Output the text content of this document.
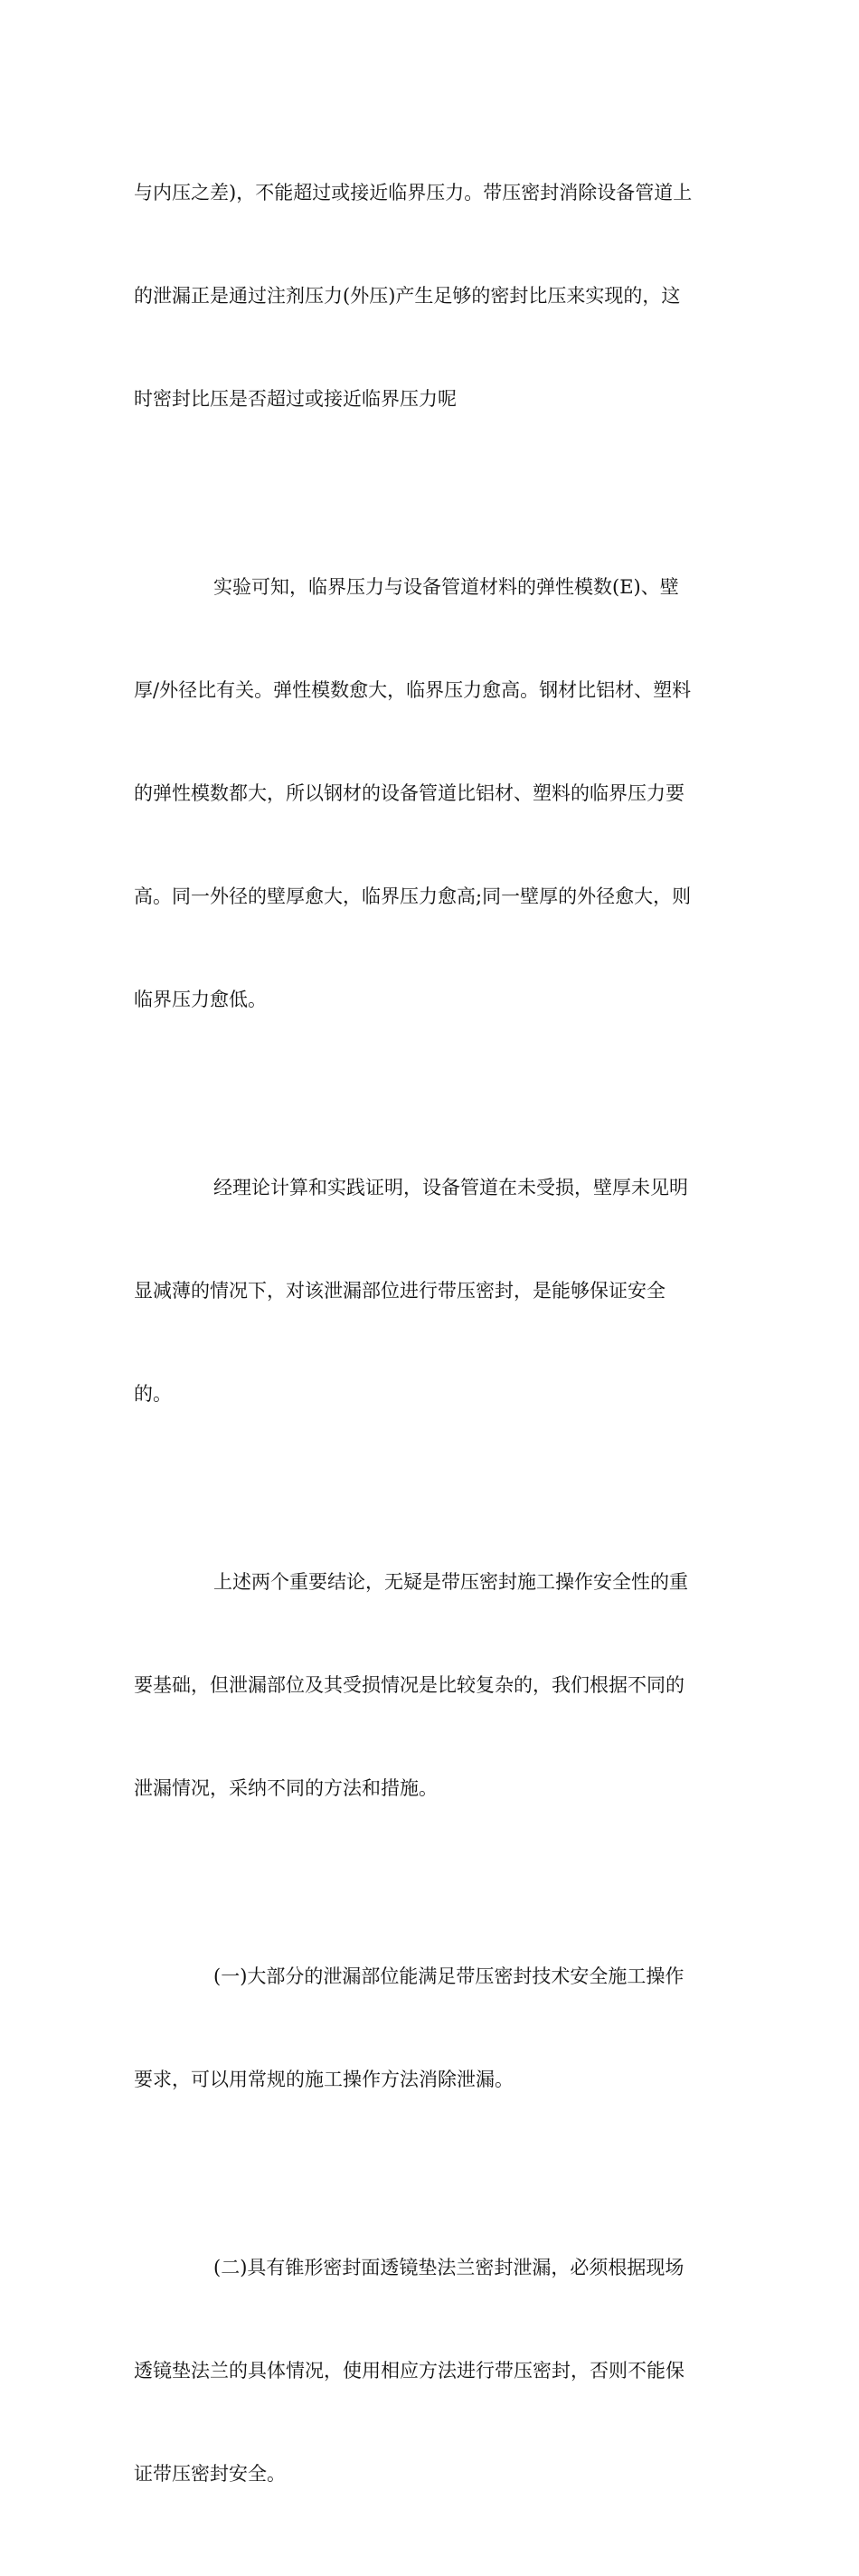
与内压之差)，不能超过或接近临界压力。带压密封消除设备管道上

的泄漏正是通过注剂压力(外压)产生足够的密封比压来实现的，这

时密封比压是否超过或接近临界压力呢

实验可知，临界压力与设备管道材料的弹性模数(E)、壁

厚/外径比有关。弹性模数愈大，临界压力愈高。钢材比铝材、塑料

的弹性模数都大，所以钢材的设备管道比铝材、塑料的临界压力要

高。同一外径的壁厚愈大，临界压力愈高;同一壁厚的外径愈大，则

临界压力愈低。

经理论计算和实践证明，设备管道在未受损，壁厚未见明

显减薄的情况下，对该泄漏部位进行带压密封，是能够保证安全

的。

上述两个重要结论，无疑是带压密封施工操作安全性的重

要基础，但泄漏部位及其受损情况是比较复杂的，我们根据不同的

泄漏情况，采纳不同的方法和措施。

(一)大部分的泄漏部位能满足带压密封技术安全施工操作

要求，可以用常规的施工操作方法消除泄漏。

(二)具有锥形密封面透镜垫法兰密封泄漏，必须根据现场

透镜垫法兰的具体情况，使用相应方法进行带压密封，否则不能保

证带压密封安全。
